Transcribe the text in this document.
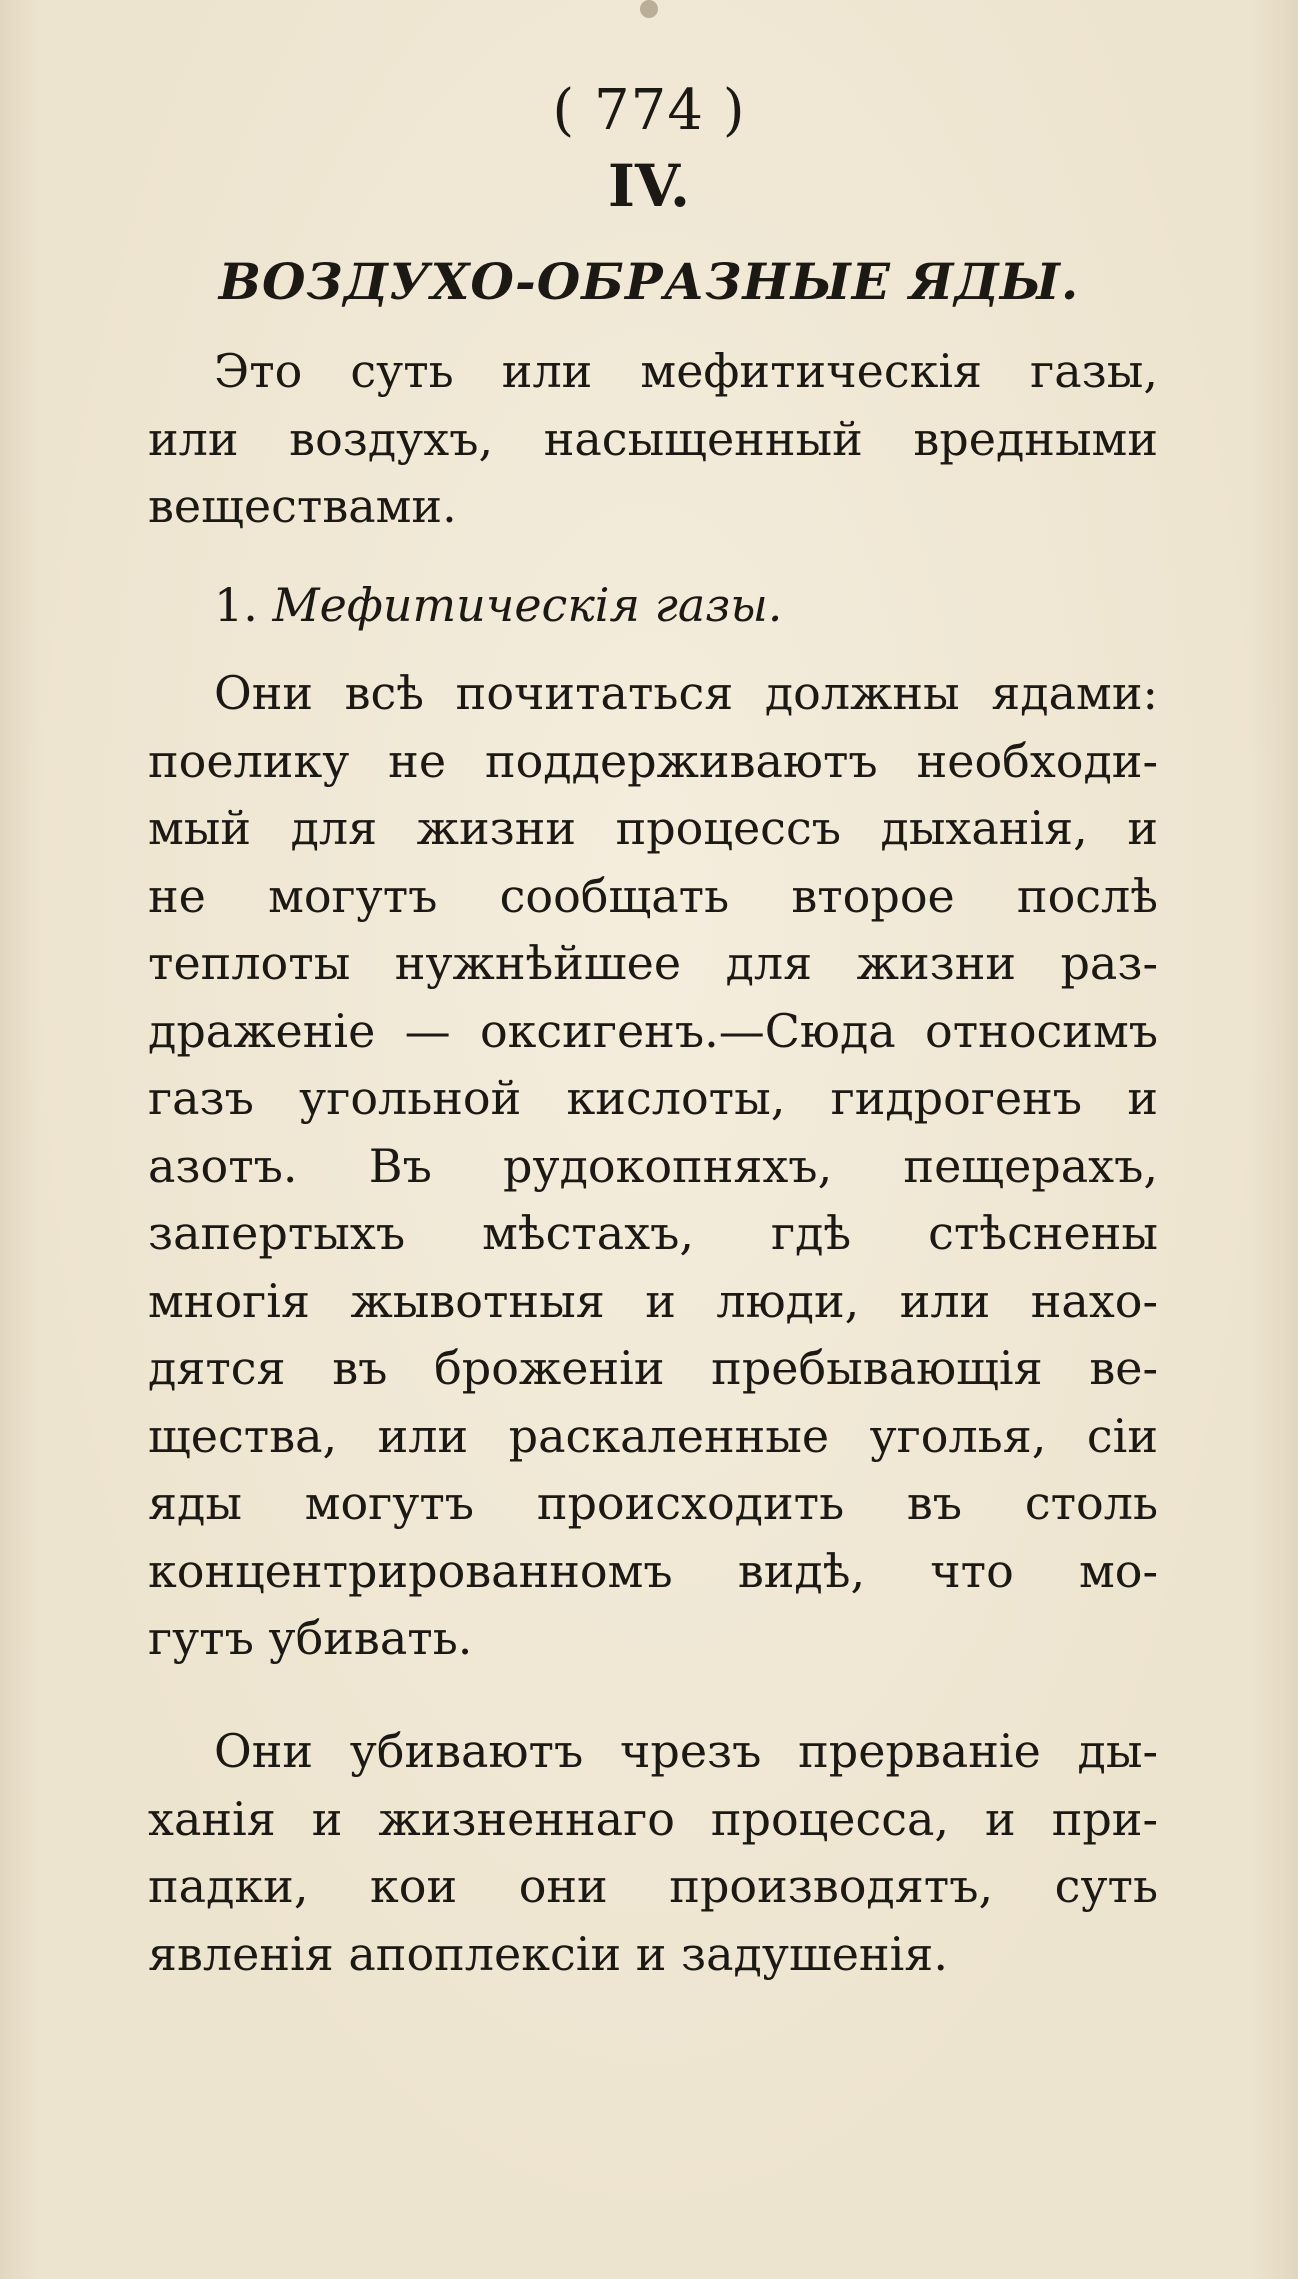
( 774 )
IV.
ВОЗДУХО-ОБРАЗНЫЕ ЯДЫ.
Это суть или мефитическія газы,
или воздухъ, насыщенный вредными
веществами.
1. Мефитическія газы.
Они всѣ почитаться должны ядами:
поелику не поддерживаютъ необходи-
мый для жизни процессъ дыханія, и
не могутъ сообщать второе послѣ
теплоты нужнѣйшее для жизни раз-
драженіе — оксигенъ.—Сюда относимъ
газъ угольной кислоты, гидрогенъ и
азотъ. Въ рудокопняхъ, пещерахъ,
запертыхъ мѣстахъ, гдѣ стѣснены
многія жывотныя и люди, или нахо-
дятся въ броженіи пребывающія ве-
щества, или раскаленные уголья, сіи
яды могутъ происходить въ столь
концентрированномъ видѣ, что мо-
гутъ убивать.
Они убиваютъ чрезъ прерваніе ды-
ханія и жизненнаго процесса, и при-
падки, кои они производятъ, суть
явленія апоплексіи и задушенія.
